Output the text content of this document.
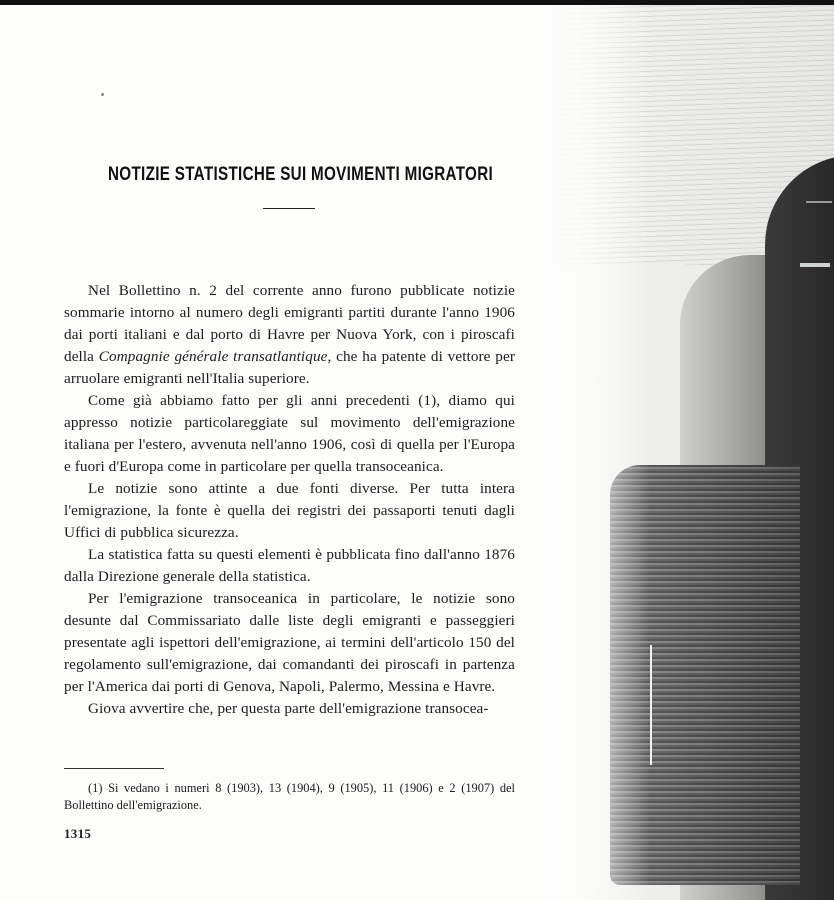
NOTIZIE STATISTICHE SUI MOVIMENTI MIGRATORI

Nel Bollettino n. 2 del corrente anno furono pubblicate notizie sommarie intorno al numero degli emigranti partiti durante l'anno 1906 dai porti italiani e dal porto di Havre per Nuova York, con i piroscafi della Compagnie générale transatlantique, che ha patente di vettore per arruolare emigranti nell'Italia superiore.

Come già abbiamo fatto per gli anni precedenti (1), diamo qui appresso notizie particolareggiate sul movimento dell'emigrazione italiana per l'estero, avvenuta nell'anno 1906, così di quella per l'Europa e fuori d'Europa come in particolare per quella transoceanica.

Le notizie sono attinte a due fonti diverse. Per tutta intera l'emigrazione, la fonte è quella dei registri dei passaporti tenuti dagli Uffici di pubblica sicurezza.

La statistica fatta su questi elementi è pubblicata fino dall'anno 1876 dalla Direzione generale della statistica.

Per l'emigrazione transoceanica in particolare, le notizie sono desunte dal Commissariato dalle liste degli emigranti e passeggieri presentate agli ispettori dell'emigrazione, ai termini dell'articolo 150 del regolamento sull'emigrazione, dai comandanti dei piroscafi in partenza per l'America dai porti di Genova, Napoli, Palermo, Messina e Havre.

Giova avvertire che, per questa parte dell'emigrazione transocea-

(1) Si vedano i numeri 8 (1903), 13 (1904), 9 (1905), 11 (1906) e 2 (1907) del Bollettino dell'emigrazione.

1315
